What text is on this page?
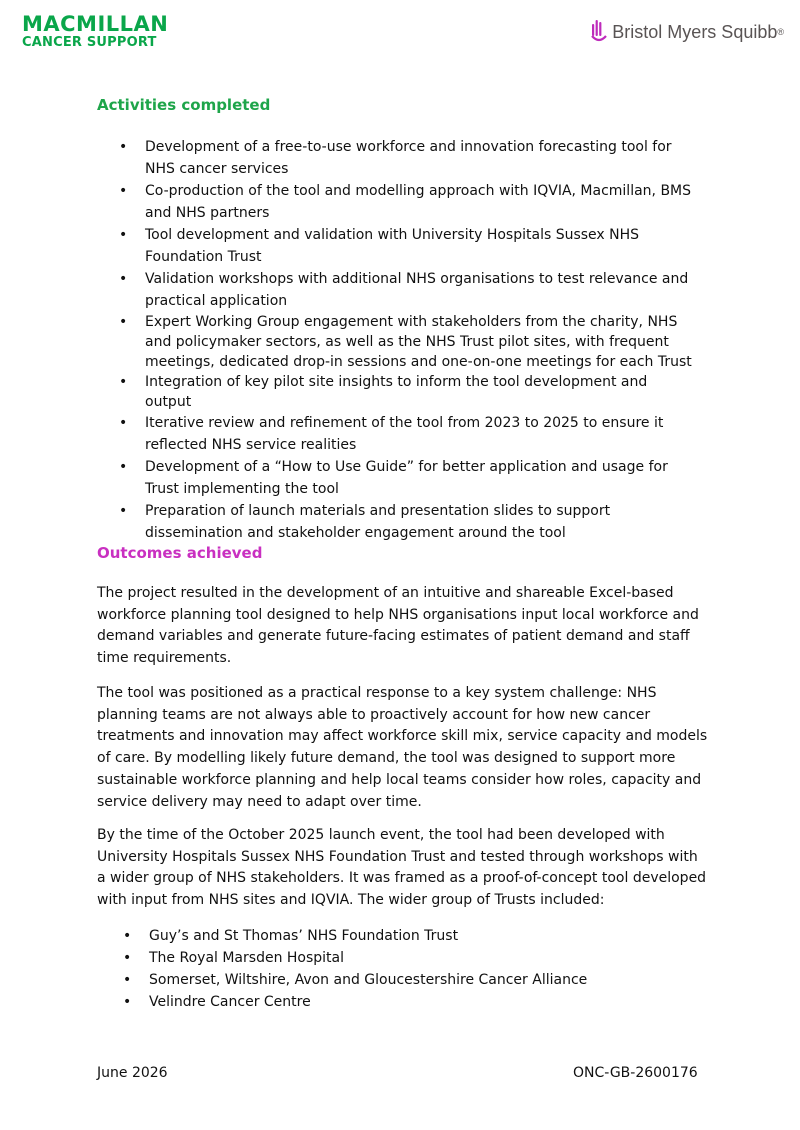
MACMILLAN
CANCER SUPPORT
Bristol Myers Squibb ®
Activities completed
• Development of a free-to-use workforce and innovation forecasting tool for NHS cancer services
• Co-production of the tool and modelling approach with IQVIA, Macmillan, BMS and NHS partners
• Tool development and validation with University Hospitals Sussex NHS Foundation Trust
• Validation workshops with additional NHS organisations to test relevance and practical application
• Expert Working Group engagement with stakeholders from the charity, NHS and policymaker sectors, as well as the NHS Trust pilot sites, with frequent meetings, dedicated drop-in sessions and one-on-one meetings for each Trust
• Integration of key pilot site insights to inform the tool development and output
• Iterative review and refinement of the tool from 2023 to 2025 to ensure it reflected NHS service realities
• Development of a “How to Use Guide” for better application and usage for Trust implementing the tool
• Preparation of launch materials and presentation slides to support dissemination and stakeholder engagement around the tool
Outcomes achieved

The project resulted in the development of an intuitive and shareable Excel-based workforce planning tool designed to help NHS organisations input local workforce and demand variables and generate future-facing estimates of patient demand and staff time requirements.

The tool was positioned as a practical response to a key system challenge: NHS planning teams are not always able to proactively account for how new cancer treatments and innovation may affect workforce skill mix, service capacity and models of care. By modelling likely future demand, the tool was designed to support more sustainable workforce planning and help local teams consider how roles, capacity and service delivery may need to adapt over time.

By the time of the October 2025 launch event, the tool had been developed with University Hospitals Sussex NHS Foundation Trust and tested through workshops with a wider group of NHS stakeholders. It was framed as a proof-of-concept tool developed with input from NHS sites and IQVIA. The wider group of Trusts included:

• Guy’s and St Thomas’ NHS Foundation Trust
• The Royal Marsden Hospital
• Somerset, Wiltshire, Avon and Gloucestershire Cancer Alliance
• Velindre Cancer Centre
June 2026	ONC-GB-2600176
